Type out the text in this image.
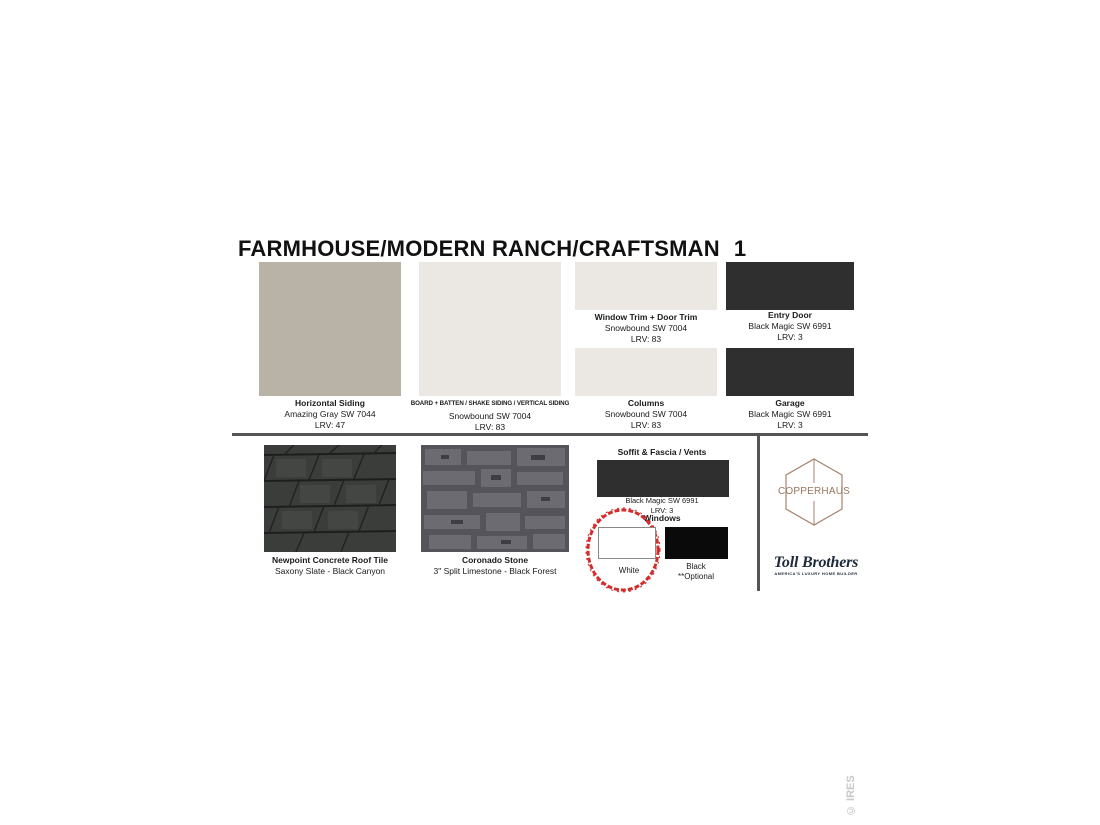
FARMHOUSE/MODERN RANCH/CRAFTSMAN 1
Horizontal Siding
Amazing Gray SW 7044
LRV: 47
BOARD + BATTEN / SHAKE SIDING / VERTICAL SIDING
Snowbound SW 7004
LRV: 83
Window Trim + Door Trim
Snowbound SW 7004
LRV: 83
Columns
Snowbound SW 7004
LRV: 83
Entry Door
Black Magic SW 6991
LRV: 3
Garage
Black Magic SW 6991
LRV: 3
Newpoint Concrete Roof Tile
Saxony Slate - Black Canyon
Coronado Stone
3" Split Limestone - Black Forest
Soffit & Fascia / Vents
Black Magic SW 6991
LRV: 3
Windows
White	Black
**Optional
COPPERHAUS
Toll Brothers
AMERICA'S LUXURY HOME BUILDER
© IRES
